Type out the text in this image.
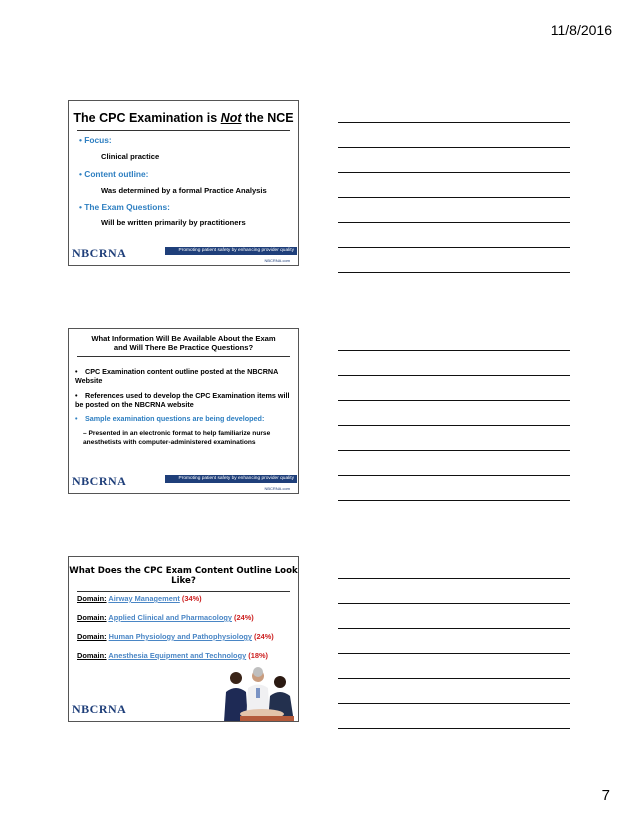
11/8/2016
The CPC Examination is Not the NCE
• Focus:
Clinical practice
• Content outline:
Was determined by a formal Practice Analysis
• The Exam Questions:
Will be written primarily by practitioners
NBCRNA	Promoting patient safety by enhancing provider quality
NBCRNA.com
What Information Will Be Available About the Exam
and Will There Be Practice Questions?
• CPC Examination content outline posted at the NBCRNA Website
• References used to develop the CPC Examination items will be posted on the NBCRNA website
• Sample examination questions are being developed:
– Presented in an electronic format to help familiarize nurse anesthetists with computer-administered examinations
NBCRNA	Promoting patient safety by enhancing provider quality
NBCRNA.com
What Does the CPC Exam Content Outline Look Like?
Domain: Airway Management (34%)
Domain: Applied Clinical and Pharmacology (24%)
Domain: Human Physiology and Pathophysiology (24%)
Domain: Anesthesia Equipment and Technology (18%)
NBCRNA
7
